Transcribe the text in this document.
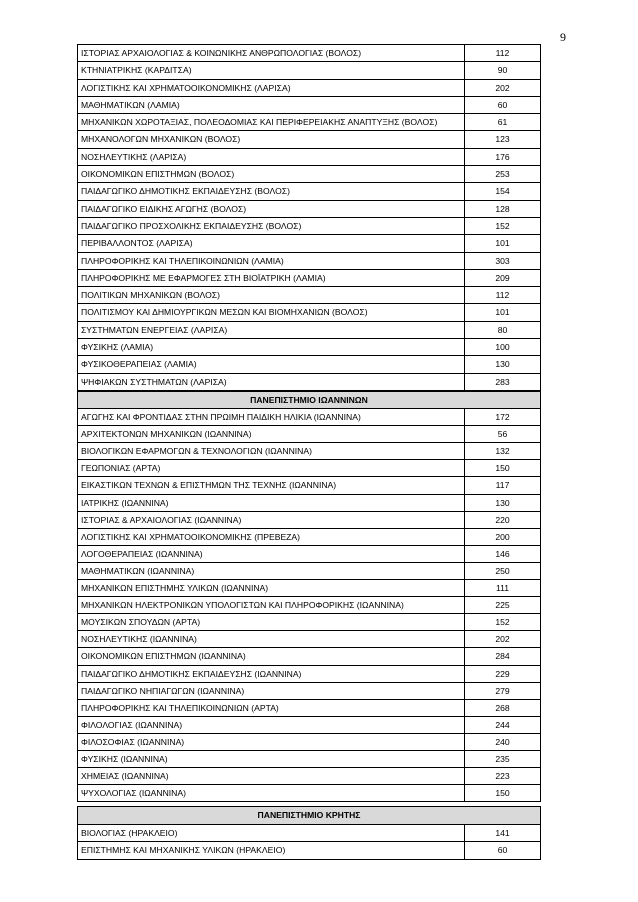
9
ΙΣΤΟΡΙΑΣ ΑΡΧΑΙΟΛΟΓΙΑΣ & ΚΟΙΝΩΝΙΚΗΣ ΑΝΘΡΩΠΟΛΟΓΙΑΣ (ΒΟΛΟΣ)	112
ΚΤΗΝΙΑΤΡΙΚΗΣ (ΚΑΡΔΙΤΣΑ)	90
ΛΟΓΙΣΤΙΚΗΣ ΚΑΙ ΧΡΗΜΑΤΟΟΙΚΟΝΟΜΙΚΗΣ (ΛΑΡΙΣΑ)	202
ΜΑΘΗΜΑΤΙΚΩΝ (ΛΑΜΙΑ)	60
ΜΗΧΑΝΙΚΩΝ ΧΩΡΟΤΑΞΙΑΣ, ΠΟΛΕΟΔΟΜΙΑΣ ΚΑΙ ΠΕΡΙΦΕΡΕΙΑΚΗΣ ΑΝΑΠΤΥΞΗΣ (ΒΟΛΟΣ)	61
ΜΗΧΑΝΟΛΟΓΩΝ ΜΗΧΑΝΙΚΩΝ (ΒΟΛΟΣ)	123
ΝΟΣΗΛΕΥΤΙΚΗΣ (ΛΑΡΙΣΑ)	176
ΟΙΚΟΝΟΜΙΚΩΝ ΕΠΙΣΤΗΜΩΝ (ΒΟΛΟΣ)	253
ΠΑΙΔΑΓΩΓΙΚΟ ΔΗΜΟΤΙΚΗΣ ΕΚΠΑΙΔΕΥΣΗΣ (ΒΟΛΟΣ)	154
ΠΑΙΔΑΓΩΓΙΚΟ ΕΙΔΙΚΗΣ ΑΓΩΓΗΣ (ΒΟΛΟΣ)	128
ΠΑΙΔΑΓΩΓΙΚΟ ΠΡΟΣΧΟΛΙΚΗΣ ΕΚΠΑΙΔΕΥΣΗΣ (ΒΟΛΟΣ)	152
ΠΕΡΙΒΑΛΛΟΝΤΟΣ (ΛΑΡΙΣΑ)	101
ΠΛΗΡΟΦΟΡΙΚΗΣ ΚΑΙ ΤΗΛΕΠΙΚΟΙΝΩΝΙΩΝ (ΛΑΜΙΑ)	303
ΠΛΗΡΟΦΟΡΙΚΗΣ ΜΕ ΕΦΑΡΜΟΓΕΣ ΣΤΗ ΒΙΟΪΑΤΡΙΚΗ (ΛΑΜΙΑ)	209
ΠΟΛΙΤΙΚΩΝ ΜΗΧΑΝΙΚΩΝ (ΒΟΛΟΣ)	112
ΠΟΛΙΤΙΣΜΟΥ ΚΑΙ ΔΗΜΙΟΥΡΓΙΚΩΝ ΜΕΣΩΝ ΚΑΙ ΒΙΟΜΗΧΑΝΙΩΝ (ΒΟΛΟΣ)	101
ΣΥΣΤΗΜΑΤΩΝ ΕΝΕΡΓΕΙΑΣ (ΛΑΡΙΣΑ)	80
ΦΥΣΙΚΗΣ (ΛΑΜΙΑ)	100
ΦΥΣΙΚΟΘΕΡΑΠΕΙΑΣ (ΛΑΜΙΑ)	130
ΨΗΦΙΑΚΩΝ ΣΥΣΤΗΜΑΤΩΝ (ΛΑΡΙΣΑ)	283
ΠΑΝΕΠΙΣΤΗΜΙΟ ΙΩΑΝΝΙΝΩΝ	
ΑΓΩΓΗΣ ΚΑΙ ΦΡΟΝΤΙΔΑΣ ΣΤΗΝ ΠΡΩΙΜΗ ΠΑΙΔΙΚΗ ΗΛΙΚΙΑ (ΙΩΑΝΝΙΝΑ)	172
ΑΡΧΙΤΕΚΤΟΝΩΝ ΜΗΧΑΝΙΚΩΝ (ΙΩΑΝΝΙΝΑ)	56
ΒΙΟΛΟΓΙΚΩΝ ΕΦΑΡΜΟΓΩΝ & ΤΕΧΝΟΛΟΓΙΩΝ (ΙΩΑΝΝΙΝΑ)	132
ΓΕΩΠΟΝΙΑΣ (ΑΡΤΑ)	150
ΕΙΚΑΣΤΙΚΩΝ ΤΕΧΝΩΝ & ΕΠΙΣΤΗΜΩΝ ΤΗΣ ΤΕΧΝΗΣ (ΙΩΑΝΝΙΝΑ)	117
ΙΑΤΡΙΚΗΣ (ΙΩΑΝΝΙΝΑ)	130
ΙΣΤΟΡΙΑΣ & ΑΡΧΑΙΟΛΟΓΙΑΣ (ΙΩΑΝΝΙΝΑ)	220
ΛΟΓΙΣΤΙΚΗΣ ΚΑΙ ΧΡΗΜΑΤΟΟΙΚΟΝΟΜΙΚΗΣ (ΠΡΕΒΕΖΑ)	200
ΛΟΓΟΘΕΡΑΠΕΙΑΣ (ΙΩΑΝΝΙΝΑ)	146
ΜΑΘΗΜΑΤΙΚΩΝ (ΙΩΑΝΝΙΝΑ)	250
ΜΗΧΑΝΙΚΩΝ ΕΠΙΣΤΗΜΗΣ ΥΛΙΚΩΝ (ΙΩΑΝΝΙΝΑ)	111
ΜΗΧΑΝΙΚΩΝ ΗΛΕΚΤΡΟΝΙΚΩΝ ΥΠΟΛΟΓΙΣΤΩΝ ΚΑΙ ΠΛΗΡΟΦΟΡΙΚΗΣ (ΙΩΑΝΝΙΝΑ)	225
ΜΟΥΣΙΚΩΝ ΣΠΟΥΔΩΝ (ΑΡΤΑ)	152
ΝΟΣΗΛΕΥΤΙΚΗΣ (ΙΩΑΝΝΙΝΑ)	202
ΟΙΚΟΝΟΜΙΚΩΝ ΕΠΙΣΤΗΜΩΝ (ΙΩΑΝΝΙΝΑ)	284
ΠΑΙΔΑΓΩΓΙΚΟ ΔΗΜΟΤΙΚΗΣ ΕΚΠΑΙΔΕΥΣΗΣ (ΙΩΑΝΝΙΝΑ)	229
ΠΑΙΔΑΓΩΓΙΚΟ ΝΗΠΙΑΓΩΓΩΝ (ΙΩΑΝΝΙΝΑ)	279
ΠΛΗΡΟΦΟΡΙΚΗΣ ΚΑΙ ΤΗΛΕΠΙΚΟΙΝΩΝΙΩΝ (ΑΡΤΑ)	268
ΦΙΛΟΛΟΓΙΑΣ (ΙΩΑΝΝΙΝΑ)	244
ΦΙΛΟΣΟΦΙΑΣ (ΙΩΑΝΝΙΝΑ)	240
ΦΥΣΙΚΗΣ (ΙΩΑΝΝΙΝΑ)	235
ΧΗΜΕΙΑΣ (ΙΩΑΝΝΙΝΑ)	223
ΨΥΧΟΛΟΓΙΑΣ (ΙΩΑΝΝΙΝΑ)	150
ΠΑΝΕΠΙΣΤΗΜΙΟ ΚΡΗΤΗΣ	
ΒΙΟΛΟΓΙΑΣ (ΗΡΑΚΛΕΙΟ)	141
ΕΠΙΣΤΗΜΗΣ ΚΑΙ ΜΗΧΑΝΙΚΗΣ ΥΛΙΚΩΝ (ΗΡΑΚΛΕΙΟ)	60
